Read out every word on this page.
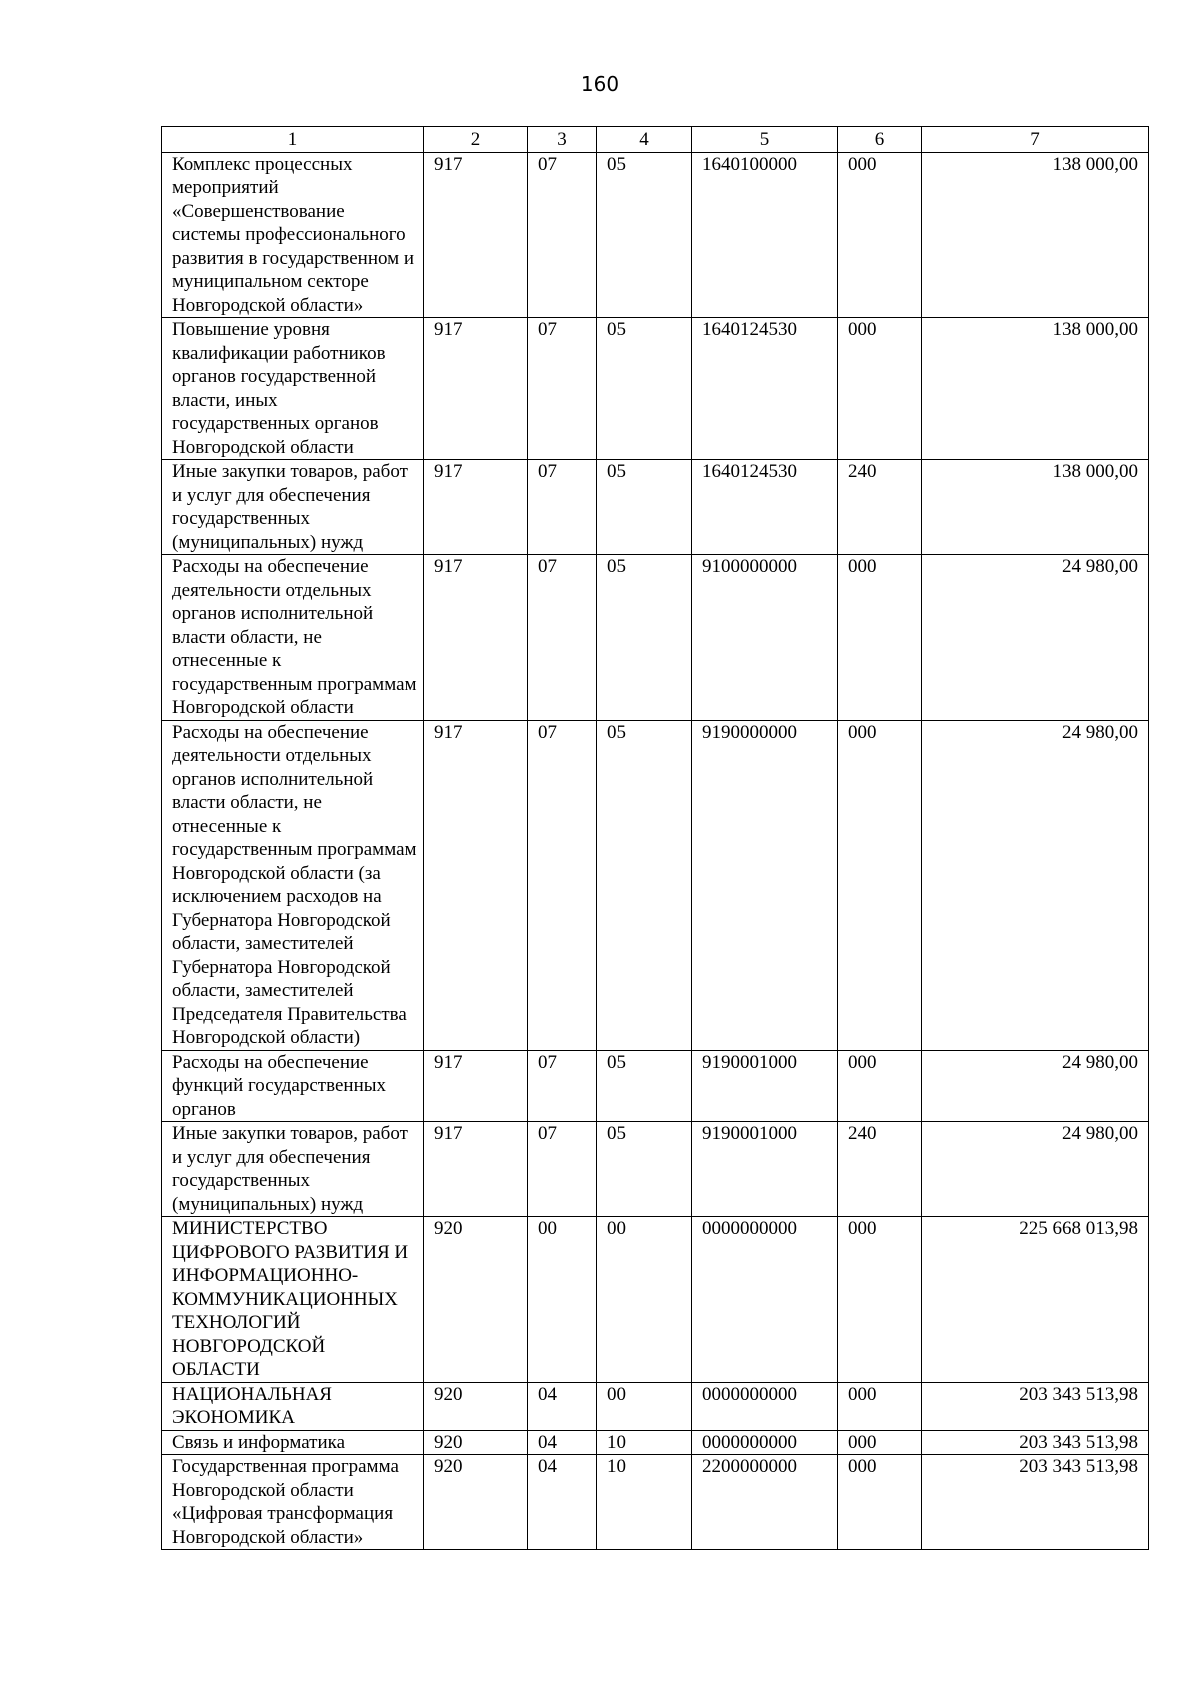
160
1	2	3	4	5	6	7
Комплекс процессных мероприятий «Совершенствование системы профессионального развития в государственном и муниципальном секторе Новгородской области»	917	07	05	1640100000	000	138 000,00
Повышение уровня квалификации работников органов государственной власти, иных государственных органов Новгородской области	917	07	05	1640124530	000	138 000,00
Иные закупки товаров, работ и услуг для обеспечения государственных (муниципальных) нужд	917	07	05	1640124530	240	138 000,00
Расходы на обеспечение деятельности отдельных органов исполнительной власти области, не отнесенные к государственным программам Новгородской области	917	07	05	9100000000	000	24 980,00
Расходы на обеспечение деятельности отдельных органов исполнительной власти области, не отнесенные к государственным программам Новгородской области (за исключением расходов на Губернатора Новгородской области, заместителей Губернатора Новгородской области, заместителей Председателя Правительства Новгородской области)	917	07	05	9190000000	000	24 980,00
Расходы на обеспечение функций государственных органов	917	07	05	9190001000	000	24 980,00
Иные закупки товаров, работ и услуг для обеспечения государственных (муниципальных) нужд	917	07	05	9190001000	240	24 980,00
МИНИСТЕРСТВО ЦИФРОВОГО РАЗВИТИЯ И ИНФОРМАЦИОННО-КОММУНИКАЦИОННЫХ ТЕХНОЛОГИЙ НОВГОРОДСКОЙ ОБЛАСТИ	920	00	00	0000000000	000	225 668 013,98
НАЦИОНАЛЬНАЯ ЭКОНОМИКА	920	04	00	0000000000	000	203 343 513,98
Связь и информатика	920	04	10	0000000000	000	203 343 513,98
Государственная программа Новгородской области «Цифровая трансформация Новгородской области»	920	04	10	2200000000	000	203 343 513,98
